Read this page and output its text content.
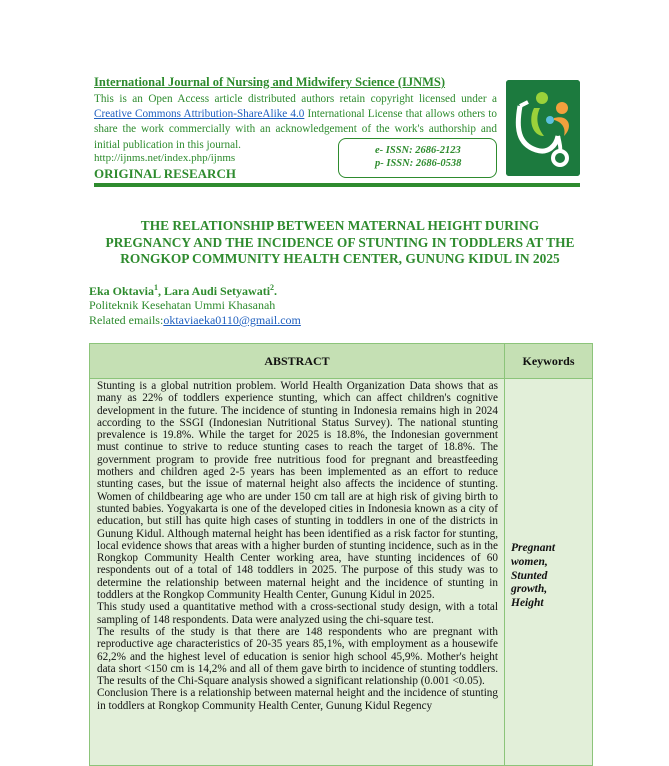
International Journal of Nursing and Midwifery Science (IJNMS)
This is an Open Access article distributed authors retain copyright licensed under a Creative Commons Attribution-ShareAlike 4.0 International License that allows others to share the work commercially with an acknowledgement of the work's authorship and initial publication in this journal.
http://ijnms.net/index.php/ijnms
e- ISSN: 2686-2123
p- ISSN: 2686-0538
ORIGINAL RESEARCH
THE RELATIONSHIP BETWEEN MATERNAL HEIGHT DURING
PREGNANCY AND THE INCIDENCE OF STUNTING IN TODDLERS AT THE
RONGKOP COMMUNITY HEALTH CENTER, GUNUNG KIDUL IN 2025
Eka Oktavia$^1$, Lara Audi Setyawati$^2$.
Politeknik Kesehatan Ummi Khasanah
Related emails:oktaviaeka0110@gmail.com
ABSTRACT	Keywords

Stunting is a global nutrition problem. World Health Organization Data shows that as many as 22% of toddlers experience stunting, which can affect children's cognitive development in the future. The incidence of stunting in Indonesia remains high in 2024 according to the SSGI (Indonesian Nutritional Status Survey). The national stunting prevalence is 19.8%. While the target for 2025 is 18.8%, the Indonesian government must continue to strive to reduce stunting cases to reach the target of 18.8%. The government program to provide free nutritious food for pregnant and breastfeeding mothers and children aged 2-5 years has been implemented as an effort to reduce stunting cases, but the issue of maternal height also affects the incidence of stunting. Women of childbearing age who are under 150 cm tall are at high risk of giving birth to stunted babies. Yogyakarta is one of the developed cities in Indonesia known as a city of education, but still has quite high cases of stunting in toddlers in one of the districts in Gunung Kidul. Although maternal height has been identified as a risk factor for stunting, local evidence shows that areas with a higher burden of stunting incidence, such as in the Rongkop Community Health Center working area, have stunting incidences of 60 respondents out of a total of 148 toddlers in 2025. The purpose of this study was to determine the relationship between maternal height and the incidence of stunting in toddlers at the Rongkop Community Health Center, Gunung Kidul in 2025.

This study used a quantitative method with a cross-sectional study design, with a total sampling of 148 respondents. Data were analyzed using the chi-square test.

The results of the study is that there are 148 respondents who are pregnant with reproductive age characteristics of 20-35 years 85,1%, with employment as a housewife 62,2% and the highest level of education is senior high school 45,9%. Mother's height data short <150 cm is 14,2% and all of them gave birth to incidence of stunting toddlers. The results of the Chi-Square analysis showed a significant relationship (0.001 <0.05).

Conclusion There is a relationship between maternal height and the incidence of stunting in toddlers at Rongkop Community Health Center, Gunung Kidul Regency

Pregnant women, Stunted growth, Height
